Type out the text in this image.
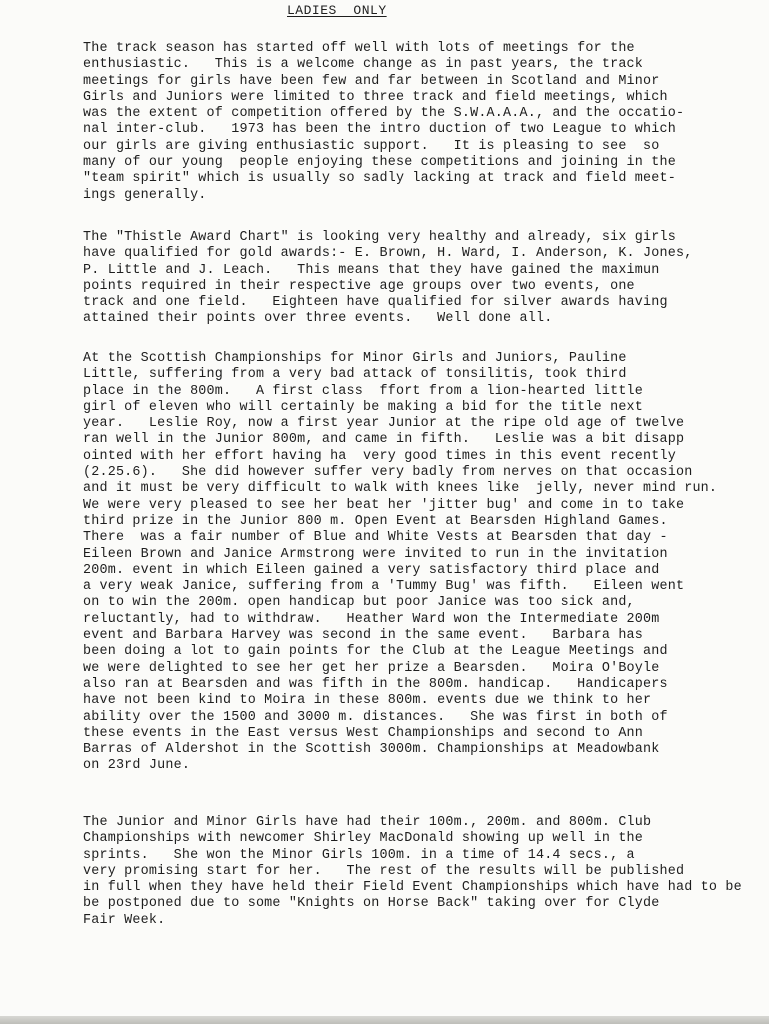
LADIES  ONLY
The track season has started off well with lots of meetings for the
enthusiastic.   This is a welcome change as in past years, the track
meetings for girls have been few and far between in Scotland and Minor
Girls and Juniors were limited to three track and field meetings, which
was the extent of competition offered by the S.W.A.A.A., and the occatio-
nal inter-club.   1973 has been the intro duction of two League to which
our girls are giving enthusiastic support.   It is pleasing to see  so
many of our young  people enjoying these competitions and joining in the
"team spirit" which is usually so sadly lacking at track and field meet-
ings generally.
The "Thistle Award Chart" is looking very healthy and already, six girls
have qualified for gold awards:- E. Brown, H. Ward, I. Anderson, K. Jones,
P. Little and J. Leach.   This means that they have gained the maximun
points required in their respective age groups over two events, one
track and one field.   Eighteen have qualified for silver awards having
attained their points over three events.   Well done all.
At the Scottish Championships for Minor Girls and Juniors, Pauline
Little, suffering from a very bad attack of tonsilitis, took third
place in the 800m.   A first class  ffort from a lion-hearted little
girl of eleven who will certainly be making a bid for the title next
year.   Leslie Roy, now a first year Junior at the ripe old age of twelve
ran well in the Junior 800m, and came in fifth.   Leslie was a bit disapp
ointed with her effort having ha  very good times in this event recently
(2.25.6).   She did however suffer very badly from nerves on that occasion
and it must be very difficult to walk with knees like  jelly, never mind run.
We were very pleased to see her beat her 'jitter bug' and come in to take
third prize in the Junior 800 m. Open Event at Bearsden Highland Games.
There  was a fair number of Blue and White Vests at Bearsden that day -
Eileen Brown and Janice Armstrong were invited to run in the invitation
200m. event in which Eileen gained a very satisfactory third place and
a very weak Janice, suffering from a 'Tummy Bug' was fifth.   Eileen went
on to win the 200m. open handicap but poor Janice was too sick and,
reluctantly, had to withdraw.   Heather Ward won the Intermediate 200m
event and Barbara Harvey was second in the same event.   Barbara has
been doing a lot to gain points for the Club at the League Meetings and
we were delighted to see her get her prize a Bearsden.   Moira O'Boyle
also ran at Bearsden and was fifth in the 800m. handicap.   Handicapers
have not been kind to Moira in these 800m. events due we think to her
ability over the 1500 and 3000 m. distances.   She was first in both of
these events in the East versus West Championships and second to Ann
Barras of Aldershot in the Scottish 3000m. Championships at Meadowbank
on 23rd June.
The Junior and Minor Girls have had their 100m., 200m. and 800m. Club
Championships with newcomer Shirley MacDonald showing up well in the
sprints.   She won the Minor Girls 100m. in a time of 14.4 secs., a
very promising start for her.   The rest of the results will be published
in full when they have held their Field Event Championships which have had to be
be postponed due to some "Knights on Horse Back" taking over for Clyde
Fair Week.
